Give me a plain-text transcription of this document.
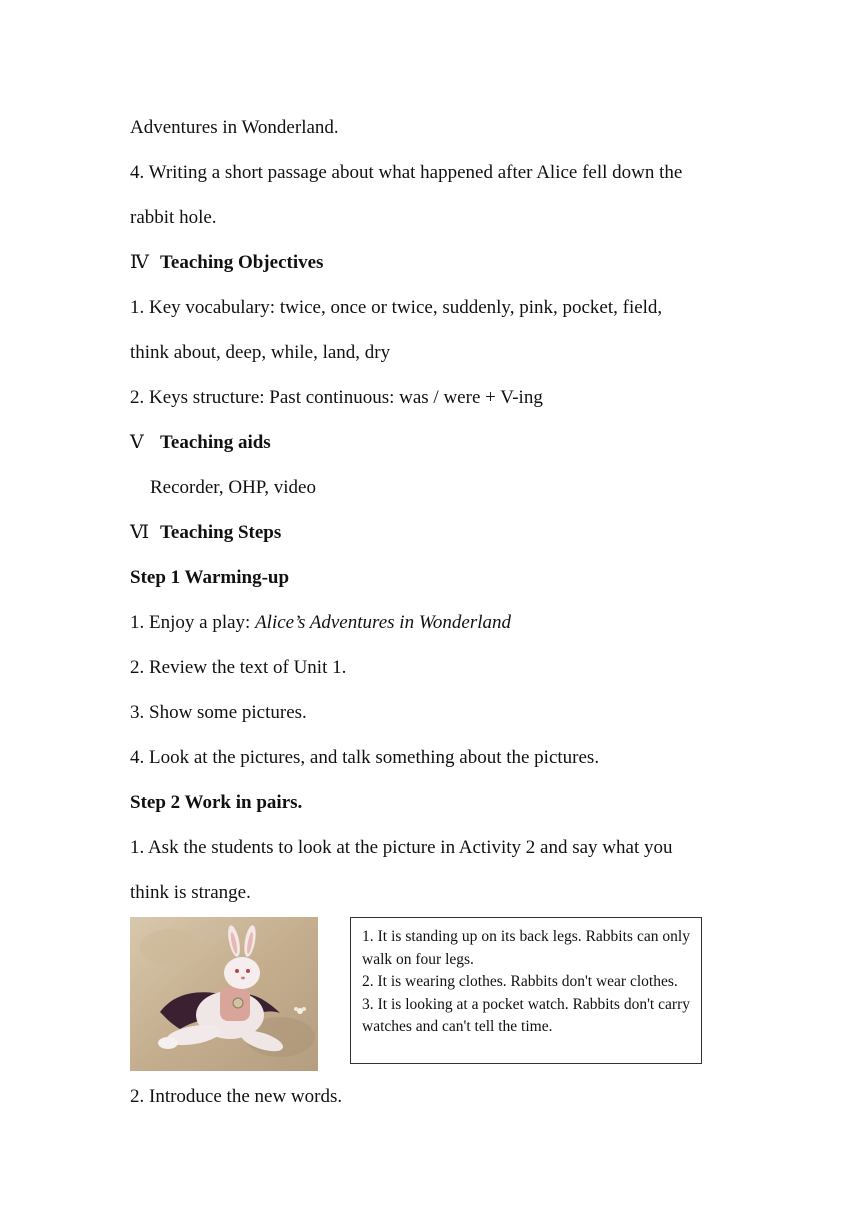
Adventures in Wonderland.
4. Writing a short passage about what happened after Alice fell down the
rabbit hole.
Ⅳ Teaching Objectives
1. Key vocabulary: twice, once or twice, suddenly, pink, pocket, field,
think about, deep, while, land, dry
2. Keys structure: Past continuous: was / were + V-ing
Ⅴ Teaching aids
Recorder, OHP, video
Ⅵ Teaching Steps
Step 1 Warming-up
1. Enjoy a play: Alice’s Adventures in Wonderland
2. Review the text of Unit 1.
3. Show some pictures.
4. Look at the pictures, and talk something about the pictures.
Step 2 Work in pairs.
1. Ask the students to look at the picture in Activity 2 and say what you
think is strange.

1. It is standing up on its back legs. Rabbits can only walk on four legs.

2. It is wearing clothes. Rabbits don't wear clothes.

3. It is looking at a pocket watch. Rabbits don't carry watches and can't tell the time.

2. Introduce the new words.
